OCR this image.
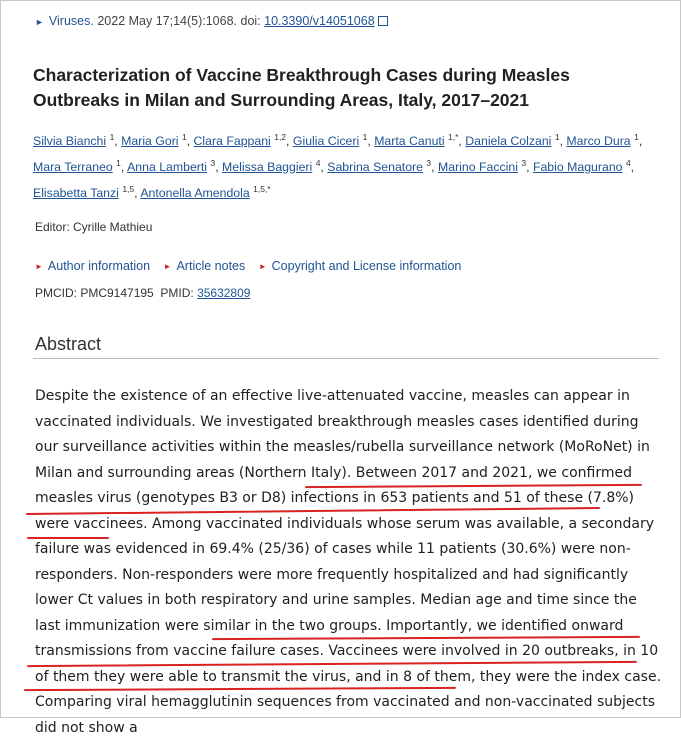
► Viruses. 2022 May 17;14(5):1068. doi: 10.3390/v14051068
Characterization of Vaccine Breakthrough Cases during Measles Outbreaks in Milan and Surrounding Areas, Italy, 2017–2021
Silvia Bianchi $^1$, Maria Gori $^1$, Clara Fappani $^{1,2}$, Giulia Ciceri $^1$, Marta Canuti $^{1,*}$, Daniela Colzani $^1$, Marco Dura $^1$, Mara Terraneo $^1$, Anna Lamberti $^3$, Melissa Baggieri $^4$, Sabrina Senatore $^3$, Marino Faccini $^3$, Fabio Magurano $^4$, Elisabetta Tanzi $^{1,5}$, Antonella Amendola $^{1,5,*}$
Editor: Cyrille Mathieu
► Author information ► Article notes ► Copyright and License information
PMCID: PMC9147195 PMID: 35632809
Abstract

Despite the existence of an effective live-attenuated vaccine, measles can appear in vaccinated individuals. We investigated breakthrough measles cases identified during our surveillance activities within the measles/rubella surveillance network (MoRoNet) in Milan and surrounding areas (Northern Italy). Between 2017 and 2021, we confirmed measles virus (genotypes B3 or D8) infections in 653 patients and 51 of these (7.8%) were vaccinees. Among vaccinated individuals whose serum was available, a secondary failure was evidenced in 69.4% (25/36) of cases while 11 patients (30.6%) were non-responders. Non-responders were more frequently hospitalized and had significantly lower Ct values in both respiratory and urine samples. Median age and time since the last immunization were similar in the two groups. Importantly, we identified onward transmissions from vaccine failure cases. Vaccinees were involved in 20 outbreaks, in 10 of them they were able to transmit the virus, and in 8 of them, they were the index case. Comparing viral hemagglutinin sequences from vaccinated and non-vaccinated subjects did not show a
